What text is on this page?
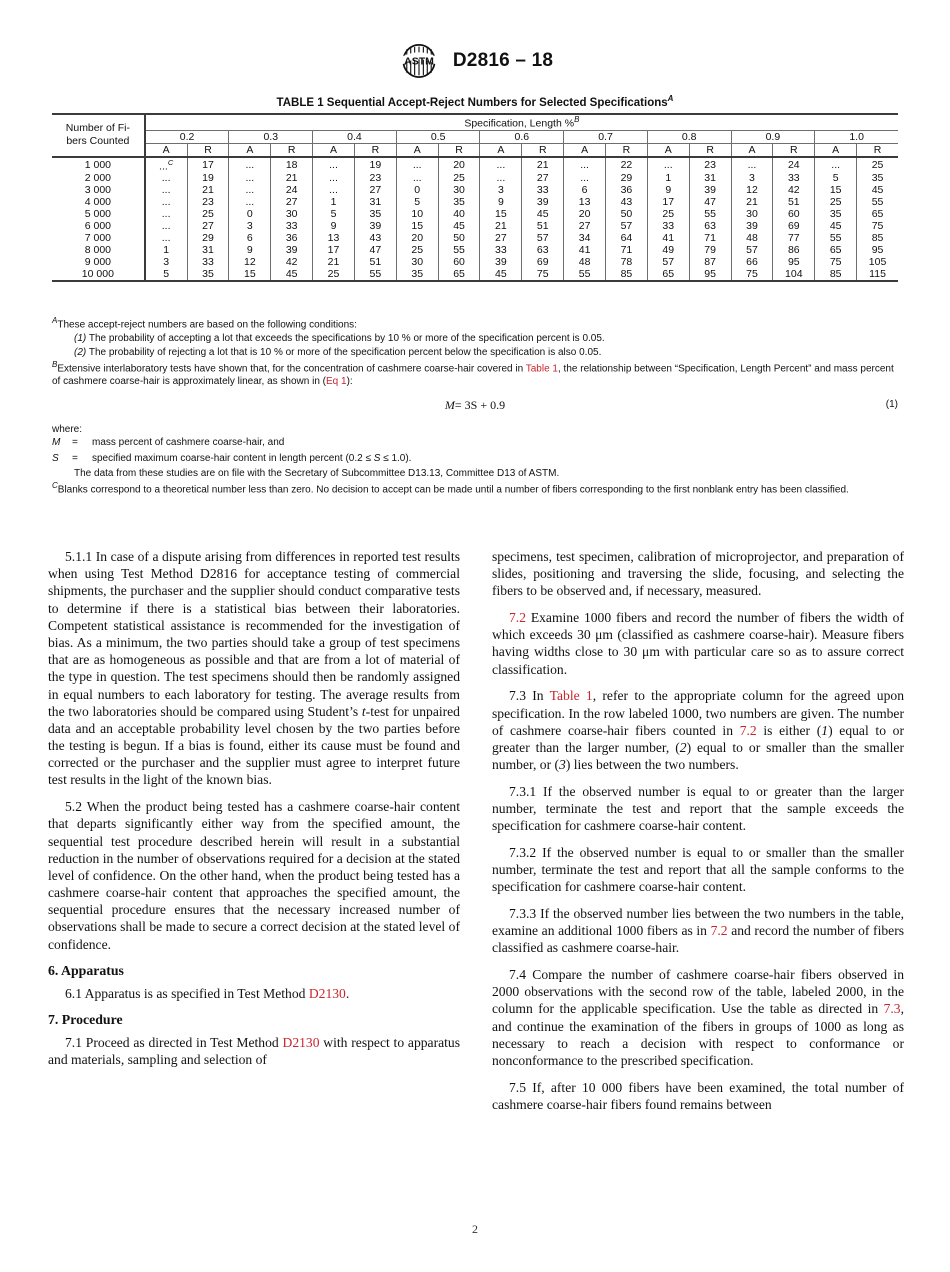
ASTM D2816 – 18
TABLE 1 Sequential Accept-Reject Numbers for Selected Specifications$^A$
Number of Fi-
bers Counted	Specification, Length %$^B$
	0.2		0.3		0.4		0.5		0.6		0.7		0.8		0.9		1.0	
	A	R	A	R	A	R	A	R	A	R	A	R	A	R	A	R	A	R
1 000	...$^C$	17	...	18	...	19	...	20	...	21	...	22	...	23	...	24	...	25
2 000	...	19	...	21	...	23	...	25	...	27	...	29	1	31	3	33	5	35
3 000	...	21	...	24	...	27	0	30	3	33	6	36	9	39	12	42	15	45
4 000	...	23	...	27	1	31	5	35	9	39	13	43	17	47	21	51	25	55
5 000	...	25	0	30	5	35	10	40	15	45	20	50	25	55	30	60	35	65
6 000	...	27	3	33	9	39	15	45	21	51	27	57	33	63	39	69	45	75
7 000	...	29	6	36	13	43	20	50	27	57	34	64	41	71	48	77	55	85
8 000	1	31	9	39	17	47	25	55	33	63	41	71	49	79	57	86	65	95
9 000	3	33	12	42	21	51	30	60	39	69	48	78	57	87	66	95	75	105
10 000	5	35	15	45	25	55	35	65	45	75	55	85	65	95	75	104	85	115

$^A$These accept-reject numbers are based on the following conditions:

(1) The probability of accepting a lot that exceeds the specifications by 10 % or more of the specification percent is 0.05.

(2) The probability of rejecting a lot that is 10 % or more of the specification percent below the specification is also 0.05.

$^B$Extensive interlaboratory tests have shown that, for the concentration of cashmere coarse-hair covered in Table 1, the relationship between “Specification, Length Percent” and mass percent of cashmere coarse-hair is approximately linear, as shown in (Eq 1):

M= 3S + 0.9	(1)

where:

M	=	mass percent of cashmere coarse-hair, and
S	=	specified maximum coarse-hair content in length percent (0.2 ≤ S ≤ 1.0).

The data from these studies are on file with the Secretary of Subcommittee D13.13, Committee D13 of ASTM.

$^C$Blanks correspond to a theoretical number less than zero. No decision to accept can be made until a number of fibers corresponding to the first nonblank entry has been classified.

5.1.1 In case of a dispute arising from differences in reported test results when using Test Method D2816 for acceptance testing of commercial shipments, the purchaser and the supplier should conduct comparative tests to determine if there is a statistical bias between their laboratories. Competent statistical assistance is recommended for the investigation of bias. As a minimum, the two parties should take a group of test specimens that are as homogeneous as possible and that are from a lot of material of the type in question. The test specimens should then be randomly assigned in equal numbers to each laboratory for testing. The average results from the two laboratories should be compared using Student’s t-test for unpaired data and an acceptable probability level chosen by the two parties before the testing is begun. If a bias is found, either its cause must be found and corrected or the purchaser and the supplier must agree to interpret future test results in the light of the known bias.

5.2 When the product being tested has a cashmere coarse-hair content that departs significantly either way from the specified amount, the sequential test procedure described herein will result in a substantial reduction in the number of observations required for a decision at the stated level of confidence. On the other hand, when the product being tested has a cashmere coarse-hair content that approaches the specified amount, the sequential procedure ensures that the necessary increased number of observations shall be made to secure a correct decision at the stated level of confidence.

6. Apparatus

6.1 Apparatus is as specified in Test Method D2130.

7. Procedure

7.1 Proceed as directed in Test Method D2130 with respect to apparatus and materials, sampling and selection of

specimens, test specimen, calibration of microprojector, and preparation of slides, positioning and traversing the slide, focusing, and selecting the fibers to be observed and, if necessary, measured.

7.2 Examine 1000 fibers and record the number of fibers the width of which exceeds 30 μm (classified as cashmere coarse-hair). Measure fibers having widths close to 30 μm with particular care so as to assure correct classification.

7.3 In Table 1, refer to the appropriate column for the agreed upon specification. In the row labeled 1000, two numbers are given. The number of cashmere coarse-hair fibers counted in 7.2 is either (1) equal to or greater than the larger number, (2) equal to or smaller than the smaller number, or (3) lies between the two numbers.

7.3.1 If the observed number is equal to or greater than the larger number, terminate the test and report that the sample exceeds the specification for cashmere coarse-hair content.

7.3.2 If the observed number is equal to or smaller than the smaller number, terminate the test and report that all the sample conforms to the specification for cashmere coarse-hair content.

7.3.3 If the observed number lies between the two numbers in the table, examine an additional 1000 fibers as in 7.2 and record the number of fibers classified as cashmere coarse-hair.

7.4 Compare the number of cashmere coarse-hair fibers observed in 2000 observations with the second row of the table, labeled 2000, in the column for the applicable specification. Use the table as directed in 7.3, and continue the examination of the fibers in groups of 1000 as long as necessary to reach a decision with respect to conformance or nonconformance to the prescribed specification.

7.5 If, after 10 000 fibers have been examined, the total number of cashmere coarse-hair fibers found remains between

2
